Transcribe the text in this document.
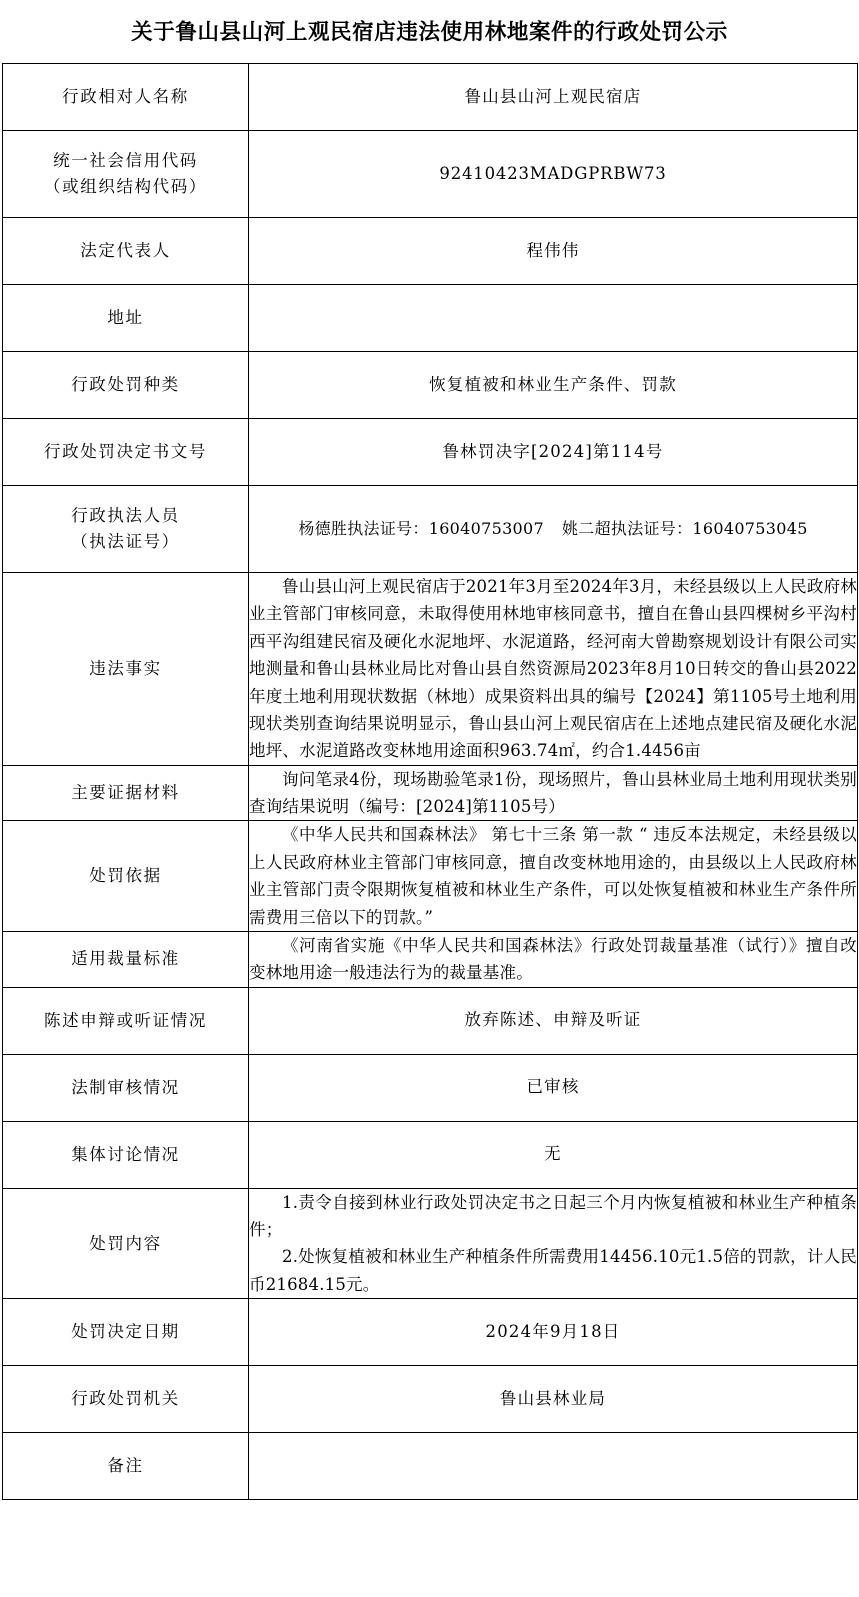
关于鲁山县山河上观民宿店违法使用林地案件的行政处罚公示
行政相对人名称	鲁山县山河上观民宿店

统一社会信用代码
（或组织结构代码）	92410423MADGPRBW73

法定代表人	程伟伟

地址	

行政处罚种类	恢复植被和林业生产条件、罚款

行政处罚决定书文号	鲁林罚决字[2024]第114号

行政执法人员
（执法证号）	杨德胜执法证号：16040753007 姚二超执法证号：16040753045

违法事实	鲁山县山河上观民宿店于2021年3月至2024年3月，未经县级以上人民政府林业主管部门审核同意，未取得使用林地审核同意书，擅自在鲁山县四棵树乡平沟村西平沟组建民宿及硬化水泥地坪、水泥道路，经河南大曾勘察规划设计有限公司实地测量和鲁山县林业局比对鲁山县自然资源局2023年8月10日转交的鲁山县2022年度土地利用现状数据（林地）成果资料出具的编号【2024】第1105号土地利用现状类别查询结果说明显示，鲁山县山河上观民宿店在上述地点建民宿及硬化水泥地坪、水泥道路改变林地用途面积963.74㎡，约合1.4456亩

主要证据材料	询问笔录4份，现场勘验笔录1份，现场照片，鲁山县林业局土地利用现状类别查询结果说明（编号：[2024]第1105号）

处罚依据	《中华人民共和国森林法》 第七十三条 第一款 “ 违反本法规定，未经县级以上人民政府林业主管部门审核同意，擅自改变林地用途的，由县级以上人民政府林业主管部门责令限期恢复植被和林业生产条件，可以处恢复植被和林业生产条件所需费用三倍以下的罚款。”

适用裁量标准	《河南省实施《中华人民共和国森林法》行政处罚裁量基准（试行）》擅自改变林地用途一般违法行为的裁量基准。

陈述申辩或听证情况	放弃陈述、申辩及听证

法制审核情况	已审核

集体讨论情况	无

处罚内容	1.责令自接到林业行政处罚决定书之日起三个月内恢复植被和林业生产种植条件；
2.处恢复植被和林业生产种植条件所需费用14456.10元1.5倍的罚款，计人民币21684.15元。

处罚决定日期	2024年9月18日

行政处罚机关	鲁山县林业局

备注	
